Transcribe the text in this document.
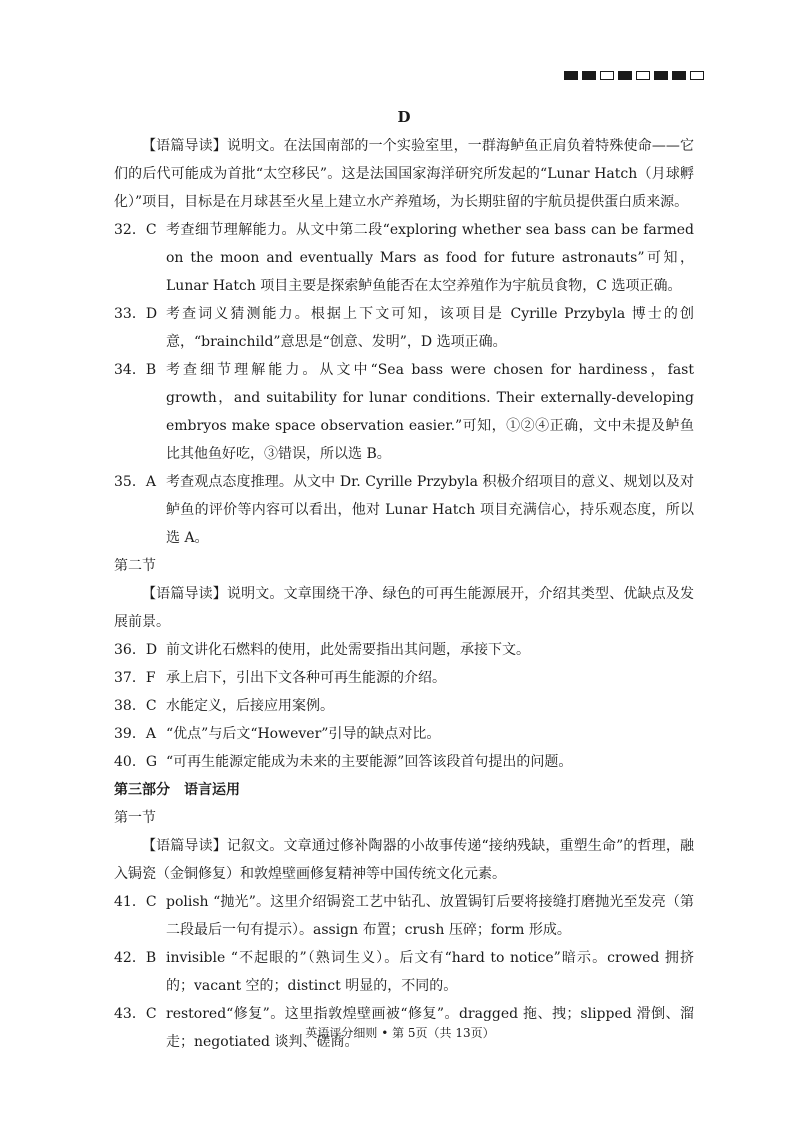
D
【语篇导读】说明文。在法国南部的一个实验室里，一群海鲈鱼正肩负着特殊使命——它们的后代可能成为首批“太空移民”。这是法国国家海洋研究所发起的“Lunar Hatch（月球孵化）”项目，目标是在月球甚至火星上建立水产养殖场，为长期驻留的宇航员提供蛋白质来源。
32．C 考查细节理解能力。从文中第二段“exploring whether sea bass can be farmed on the moon and eventually Mars as food for future astronauts”可知，Lunar Hatch 项目主要是探索鲈鱼能否在太空养殖作为宇航员食物，C 选项正确。
33．D 考查词义猜测能力。根据上下文可知，该项目是 Cyrille Przybyla 博士的创意，“brainchild”意思是“创意、发明”，D 选项正确。
34．B 考查细节理解能力。从文中“Sea bass were chosen for hardiness，fast growth，and suitability for lunar conditions. Their externally-developing embryos make space observation easier.”可知，①②④正确，文中未提及鲈鱼比其他鱼好吃，③错误，所以选 B。
35．A 考查观点态度推理。从文中 Dr. Cyrille Przybyla 积极介绍项目的意义、规划以及对鲈鱼的评价等内容可以看出，他对 Lunar Hatch 项目充满信心，持乐观态度，所以选 A。
第二节
【语篇导读】说明文。文章围绕干净、绿色的可再生能源展开，介绍其类型、优缺点及发展前景。
36．D 前文讲化石燃料的使用，此处需要指出其问题，承接下文。
37．F 承上启下，引出下文各种可再生能源的介绍。
38．C 水能定义，后接应用案例。
39．A “优点”与后文“However”引导的缺点对比。
40．G “可再生能源定能成为未来的主要能源”回答该段首句提出的问题。
第三部分　语言运用
第一节
【语篇导读】记叙文。文章通过修补陶器的小故事传递“接纳残缺，重塑生命”的哲理，融入锔瓷（金铜修复）和敦煌壁画修复精神等中国传统文化元素。
41．C polish “抛光”。这里介绍锔瓷工艺中钻孔、放置锔钉后要将接缝打磨抛光至发亮（第二段最后一句有提示）。assign 布置；crush 压碎；form 形成。
42．B invisible “不起眼的”（熟词生义）。后文有“hard to notice”暗示。crowed 拥挤的；vacant 空的；distinct 明显的，不同的。
43．C restored“修复”。这里指敦煌壁画被“修复”。dragged 拖、拽；slipped 滑倒、溜走；negotiated 谈判、磋商。
英语评分细则 • 第 5页（共 13页）
